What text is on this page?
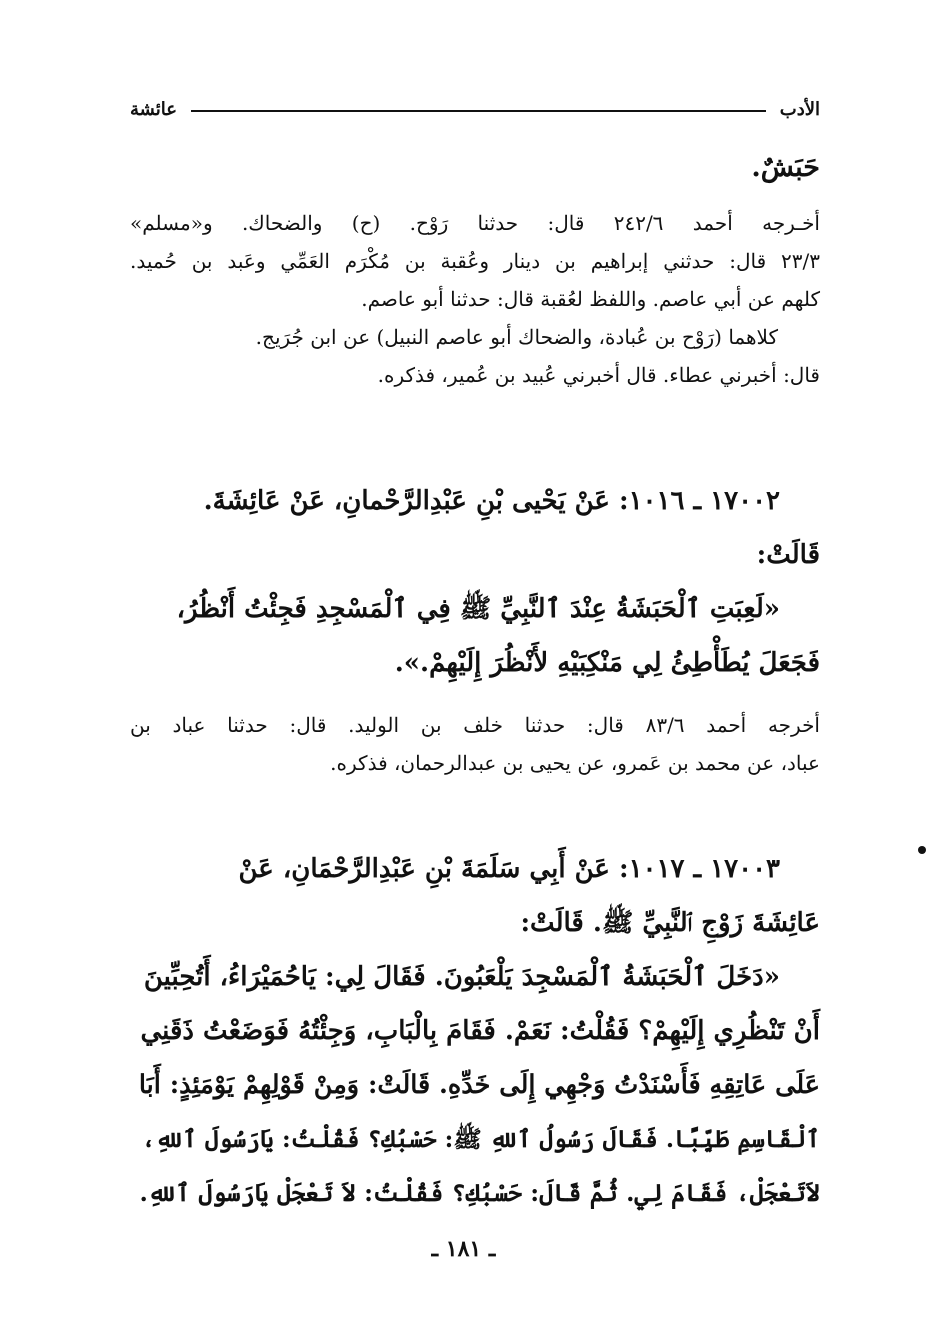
الأدب
عائشة
حَبَشٌ.
أخـرجه أحمد ٢٤٢/٦ قال: حدثنا رَوْح. (ح) والضحاك. و«مسلم»
٢٣/٣ قال: حدثني إبراهيم بن دينار وعُقبة بن مُكْرَم العَمِّي وعَبد بن حُميد.
كلهم عن أبي عاصم. واللفظ لعُقبة قال: حدثنا أبو عاصم.
كلاهما (رَوْح بن عُبادة، والضحاك أبو عاصم النبيل) عن ابن جُرَيج.
قال: أخبرني عطاء. قال أخبرني عُبيد بن عُمير، فذكره.
١٧٠٠٢ ـ ١٠١٦: عَنْ يَحْيى بْنِ عَبْدِالرَّحْمانِ، عَنْ عَائِشَةَ.
قَالَتْ:
«لَعِبَتِ ٱلْحَبَشَةُ عِنْدَ ٱلنَّبِيِّ ﷺ فِي ٱلْمَسْجِدِ فَجِئْتُ أَنْظُرُ،
فَجَعَلَ يُطَأْطِئُ لِي مَنْكِبَيْهِ لأَنْظُرَ إِلَيْهِمْ.».
أخرجه أحمد ٨٣/٦ قال: حدثنا خلف بن الوليد. قال: حدثنا عباد بن
عباد، عن محمد بن عَمرو، عن يحيى بن عبدالرحمان، فذكره.
١٧٠٠٣ ـ ١٠١٧: عَنْ أَبِي سَلَمَةَ بْنِ عَبْدِالرَّحْمَانِ، عَنْ
عَائِشَةَ زَوْجِ ٱلنَّبِيِّ ﷺ. قَالَتْ:
«دَخَلَ ٱلْحَبَشَةُ ٱلْمَسْجِدَ يَلْعَبُونَ. فَقَالَ لِي: يَاحُمَيْرَاءُ، أَتُحِبِّينَ
أَنْ تَنْظُرِي إِلَيْهِمْ؟ فَقُلْتُ: نَعَمْ. فَقَامَ بِالْبَابِ، وَجِئْتُهُ فَوَضَعْتُ ذَقَنِي
عَلَى عَاتِقِهِ فَأَسْنَدْتُ وَجْهِي إِلَى خَدِّهِ. قَالَتْ: وَمِنْ قَوْلِهِمْ يَوْمَئِذٍ: أَبَا
ٱلْقَاسِمِ طَيِّبًا. فَقَالَ رَسُولُ ٱللهِ ﷺ: حَسْبُكِ؟ فَقُلْتُ: يَارَسُولَ ٱللهِ،
لاَتَعْجَلْ، فَقَامَ لِي. ثُمَّ قَالَ: حَسْبُكِ؟ فَقُلْتُ: لاَ تَعْجَلْ يَارَسُولَ ٱللهِ.
ـ ١٨١ ـ
